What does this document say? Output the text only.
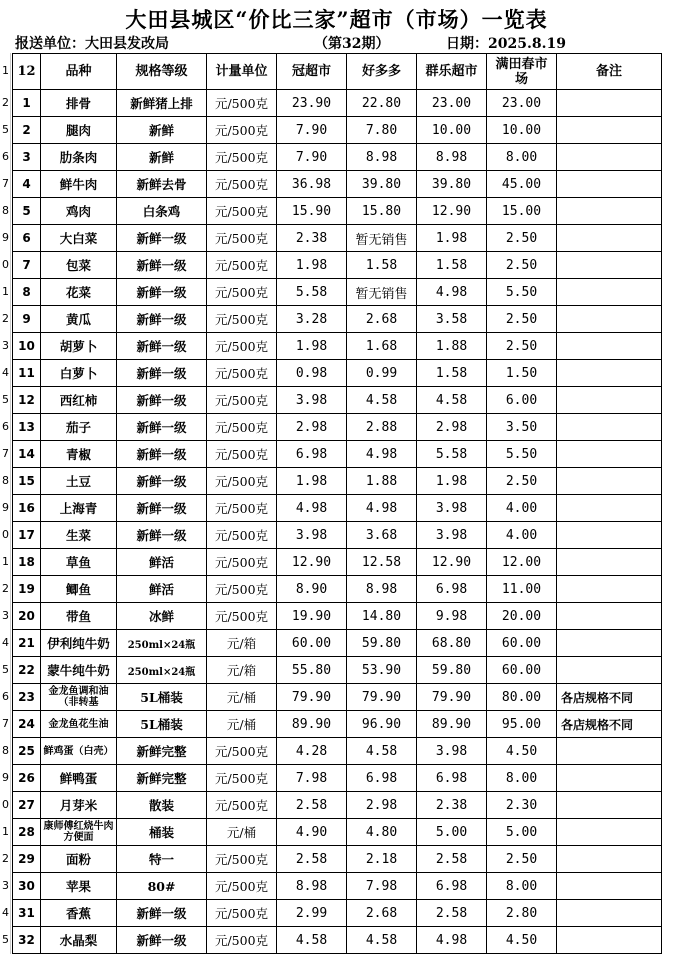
大田县城区“价比三家”超市（市场）一览表
报送单位：大田县发改局	（第32期）	日期：2025.8.19
1
2
5
6
7
8
9
0
1
2
3
4
5
6
7
8
9
0
1
2
3
4
5
6
7
8
9
0
1
2
3
4
5
12	品种	规格等级	计量单位	冠超市	好多多	群乐超市	满田春市场	备注
1	排骨	新鲜猪上排	元/500克	23.90	22.80	23.00	23.00	
2	腿肉	新鲜	元/500克	7.90	7.80	10.00	10.00	
3	肋条肉	新鲜	元/500克	7.90	8.98	8.98	8.00	
4	鲜牛肉	新鲜去骨	元/500克	36.98	39.80	39.80	45.00	
5	鸡肉	白条鸡	元/500克	15.90	15.80	12.90	15.00	
6	大白菜	新鲜一级	元/500克	2.38	暂无销售	1.98	2.50	
7	包菜	新鲜一级	元/500克	1.98	1.58	1.58	2.50	
8	花菜	新鲜一级	元/500克	5.58	暂无销售	4.98	5.50	
9	黄瓜	新鲜一级	元/500克	3.28	2.68	3.58	2.50	
10	胡萝卜	新鲜一级	元/500克	1.98	1.68	1.88	2.50	
11	白萝卜	新鲜一级	元/500克	0.98	0.99	1.58	1.50	
12	西红柿	新鲜一级	元/500克	3.98	4.58	4.58	6.00	
13	茄子	新鲜一级	元/500克	2.98	2.88	2.98	3.50	
14	青椒	新鲜一级	元/500克	6.98	4.98	5.58	5.50	
15	土豆	新鲜一级	元/500克	1.98	1.88	1.98	2.50	
16	上海青	新鲜一级	元/500克	4.98	4.98	3.98	4.00	
17	生菜	新鲜一级	元/500克	3.98	3.68	3.98	4.00	
18	草鱼	鲜活	元/500克	12.90	12.58	12.90	12.00	
19	鲫鱼	鲜活	元/500克	8.90	8.98	6.98	11.00	
20	带鱼	冰鲜	元/500克	19.90	14.80	9.98	20.00	
21	伊利纯牛奶	250ml×24瓶	元/箱	60.00	59.80	68.80	60.00	
22	蒙牛纯牛奶	250ml×24瓶	元/箱	55.80	53.90	59.80	60.00	
23	金龙鱼调和油（非转基	5L桶装	元/桶	79.90	79.90	79.90	80.00	各店规格不同
24	金龙鱼花生油	5L桶装	元/桶	89.90	96.90	89.90	95.00	各店规格不同
25	鲜鸡蛋（白壳）	新鲜完整	元/500克	4.28	4.58	3.98	4.50	
26	鲜鸭蛋	新鲜完整	元/500克	7.98	6.98	6.98	8.00	
27	月芽米	散装	元/500克	2.58	2.98	2.38	2.30	
28	康师傅红烧牛肉方便面	桶装	元/桶	4.90	4.80	5.00	5.00	
29	面粉	特一	元/500克	2.58	2.18	2.58	2.50	
30	苹果	80#	元/500克	8.98	7.98	6.98	8.00	
31	香蕉	新鲜一级	元/500克	2.99	2.68	2.58	2.80	
32	水晶梨	新鲜一级	元/500克	4.58	4.58	4.98	4.50	
